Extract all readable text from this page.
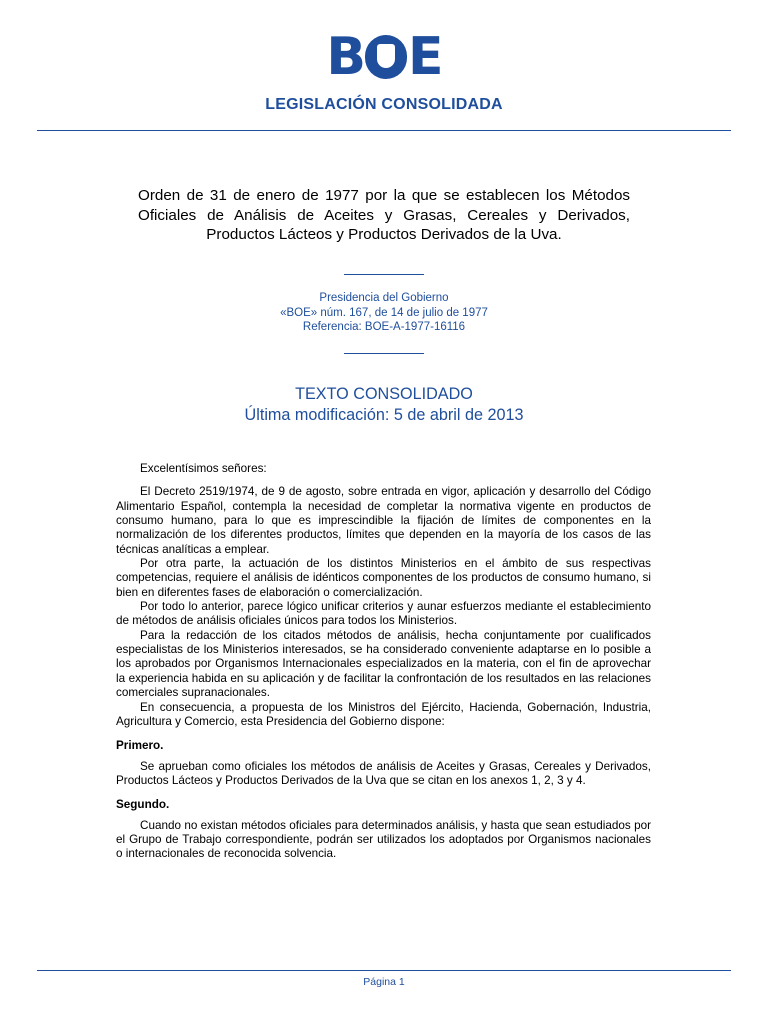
B E
LEGISLACIÓN CONSOLIDADA
Orden de 31 de enero de 1977 por la que se establecen los Métodos Oficiales de Análisis de Aceites y Grasas, Cereales y Derivados, Productos Lácteos y Productos Derivados de la Uva.
Presidencia del Gobierno
«BOE» núm. 167, de 14 de julio de 1977
Referencia: BOE-A-1977-16116
TEXTO CONSOLIDADO
Última modificación: 5 de abril de 2013

Excelentísimos señores:

El Decreto 2519/1974, de 9 de agosto, sobre entrada en vigor, aplicación y desarrollo del Código Alimentario Español, contempla la necesidad de completar la normativa vigente en productos de consumo humano, para lo que es imprescindible la fijación de límites de componentes en la normalización de los diferentes productos, límites que dependen en la mayoría de los casos de las técnicas analíticas a emplear.

Por otra parte, la actuación de los distintos Ministerios en el ámbito de sus respectivas competencias, requiere el análisis de idénticos componentes de los productos de consumo humano, si bien en diferentes fases de elaboración o comercialización.

Por todo lo anterior, parece lógico unificar criterios y aunar esfuerzos mediante el establecimiento de métodos de análisis oficiales únicos para todos los Ministerios.

Para la redacción de los citados métodos de análisis, hecha conjuntamente por cualificados especialistas de los Ministerios interesados, se ha considerado conveniente adaptarse en lo posible a los aprobados por Organismos Internacionales especializados en la materia, con el fin de aprovechar la experiencia habida en su aplicación y de facilitar la confrontación de los resultados en las relaciones comerciales supranacionales.

En consecuencia, a propuesta de los Ministros del Ejército, Hacienda, Gobernación, Industria, Agricultura y Comercio, esta Presidencia del Gobierno dispone:

Primero.

Se aprueban como oficiales los métodos de análisis de Aceites y Grasas, Cereales y Derivados, Productos Lácteos y Productos Derivados de la Uva que se citan en los anexos 1, 2, 3 y 4.

Segundo.

Cuando no existan métodos oficiales para determinados análisis, y hasta que sean estudiados por el Grupo de Trabajo correspondiente, podrán ser utilizados los adoptados por Organismos nacionales o internacionales de reconocida solvencia.

Página 1
